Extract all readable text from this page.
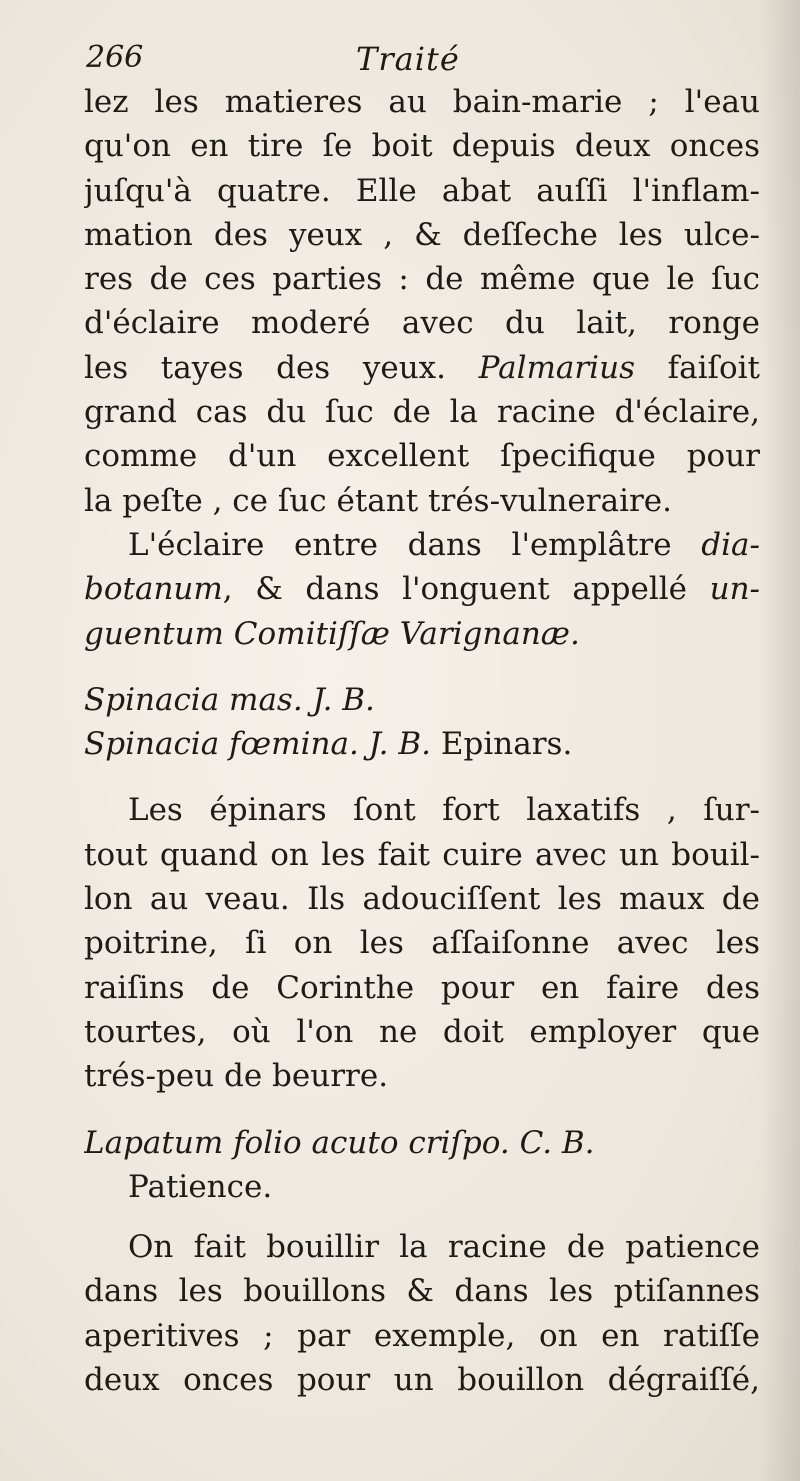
266	Traité
lez les matieres au bain-marie ; l'eau
qu'on en tire ſe boit depuis deux onces
juſqu'à quatre. Elle abat auſſi l'inflam-
mation des yeux , & deſſeche les ulce-
res de ces parties : de même que le ſuc
d'éclaire moderé avec du lait, ronge
les tayes des yeux. Palmarius faiſoit
grand cas du ſuc de la racine d'éclaire,
comme d'un excellent ſpecifique pour
la peſte , ce ſuc étant trés-vulneraire.
L'éclaire entre dans l'emplâtre dia-
botanum, & dans l'onguent appellé un-
guentum Comitiſſæ Varignanæ.
Spinacia mas. J. B.
Spinacia fœmina. J. B. Epinars.
Les épinars ſont fort laxatifs , ſur-
tout quand on les fait cuire avec un bouil-
lon au veau. Ils adouciſſent les maux de
poitrine, ſi on les aſſaiſonne avec les
raiſins de Corinthe pour en faire des
tourtes, où l'on ne doit employer que
trés-peu de beurre.
Lapatum folio acuto criſpo. C. B.
Patience.
On fait bouillir la racine de patience
dans les bouillons & dans les ptiſannes
aperitives ; par exemple, on en ratiſſe
deux onces pour un bouillon dégraiſſé,
